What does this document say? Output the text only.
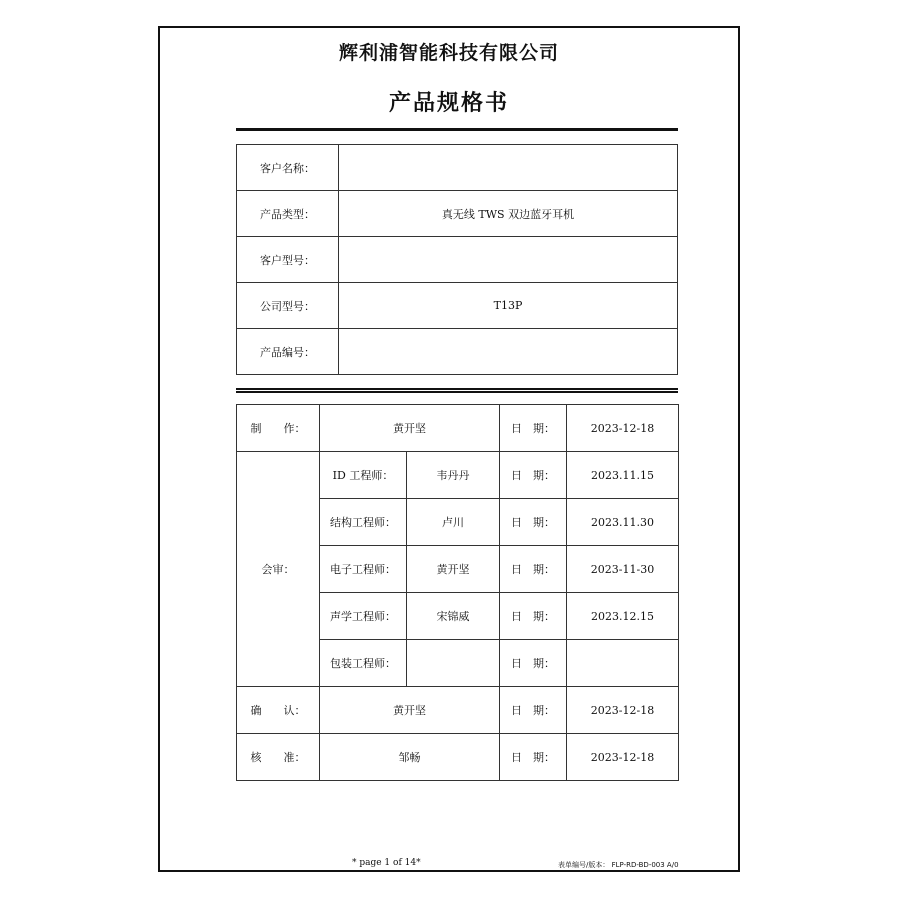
辉利浦智能科技有限公司
产品规格书
客户名称：	
产品类型：	真无线 TWS 双边蓝牙耳机
客户型号：	
公司型号：	T13P
产品编号：	
制　　作：	黄开坚		日　期：	2023-12-18
会审：	ID 工程师：	韦丹丹	日　期：	2023.11.15
	结构工程师：	卢川	日　期：	2023.11.30
	电子工程师：	黄开坚	日　期：	2023-11-30
	声学工程师：	宋锦威	日　期：	2023.12.15
	包装工程师：		日　期：	
确　　认：	黄开坚		日　期：	2023-12-18
核　　准：	邹畅		日　期：	2023-12-18
* page 1 of 14*	表单编号/版本： FLP-RD-BD-003 A/0
